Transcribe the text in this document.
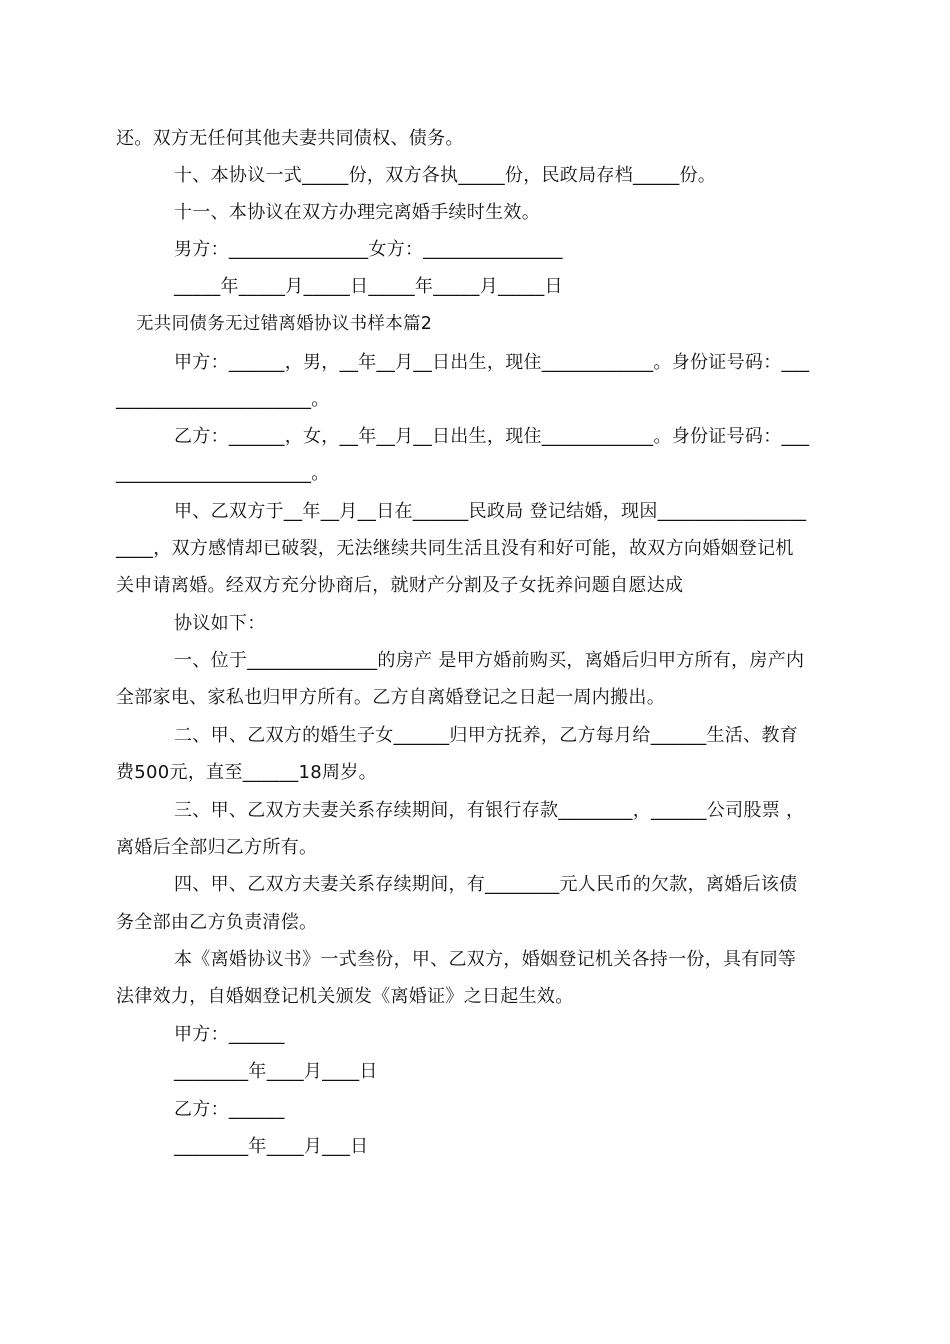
还。双方无任何其他夫妻共同债权、债务。
十、本协议一式_____份，双方各执_____份，民政局存档_____份。
十一、本协议在双方办理完离婚手续时生效。
男方：_______________女方：_______________
_____年_____月_____日_____年_____月_____日
无共同债务无过错离婚协议书样本篇2
甲方：______，男，__年__月__日出生，现住____________。身份证号码：___
_____________________。
乙方：______，女，__年__月__日出生，现住____________。身份证号码：___
_____________________。
甲、乙双方于__年__月__日在______民政局 登记结婚，现因________________
____，双方感情却已破裂，无法继续共同生活且没有和好可能，故双方向婚姻登记机
关申请离婚。经双方充分协商后，就财产分割及子女抚养问题自愿达成
协议如下：
一、位于______________的房产 是甲方婚前购买，离婚后归甲方所有，房产内
全部家电、家私也归甲方所有。乙方自离婚登记之日起一周内搬出。
二、甲、乙双方的婚生子女______归甲方抚养，乙方每月给______生活、教育
费500元，直至______18周岁。
三、甲、乙双方夫妻关系存续期间，有银行存款________，______公司股票 ，
离婚后全部归乙方所有。
四、甲、乙双方夫妻关系存续期间，有________元人民币的欠款，离婚后该债
务全部由乙方负责清偿。
本《离婚协议书》一式叁份，甲、乙双方，婚姻登记机关各持一份，具有同等
法律效力，自婚姻登记机关颁发《离婚证》之日起生效。
甲方：______
________年____月____日
乙方：______
________年____月___日
